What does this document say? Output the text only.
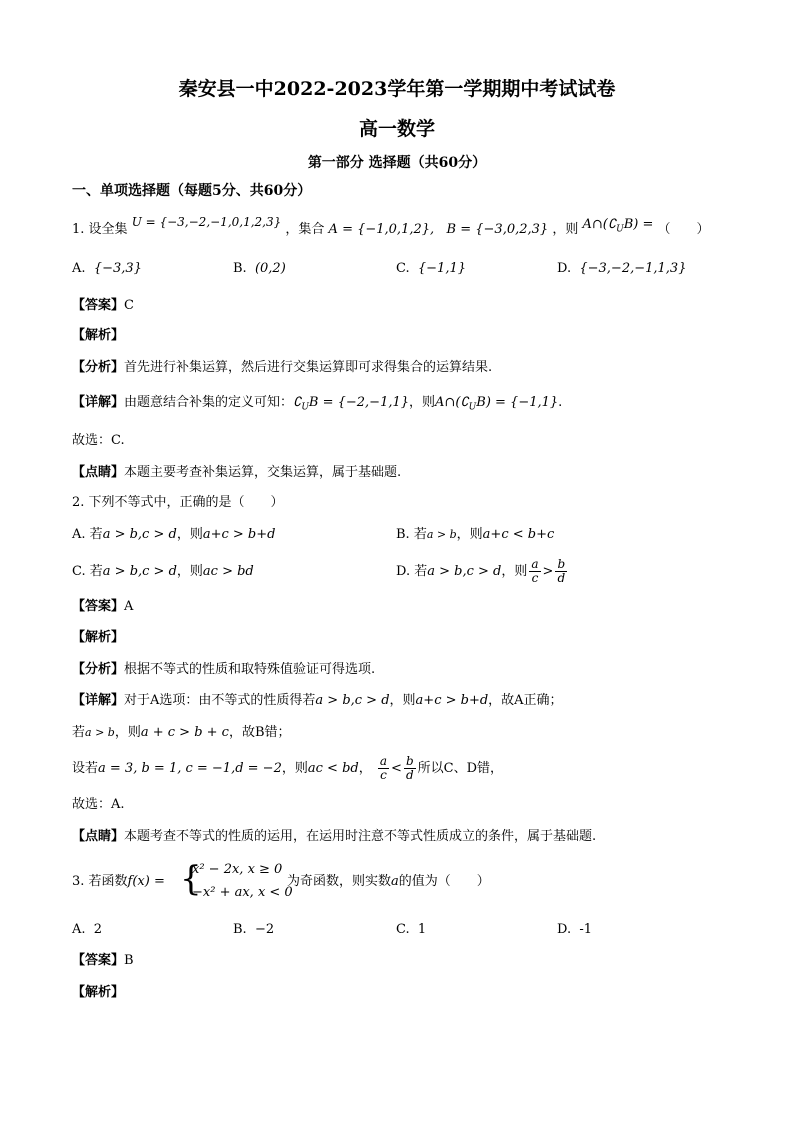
秦安县一中2022-2023学年第一学期期中考试试卷
高一数学
第一部分 选择题（共60分）
一、单项选择题（每题5分、共60分）
1. 设全集 U = {−3,−2,−1,0,1,2,3} ，集合 A = {−1,0,1,2}, B = {−3,0,2,3} ，则 $A\cap(∁_UB)$ = （　　）
A. {−3,3}	B. (0,2)	C. {−1,1}	D. {−3,−2,−1,1,3}
【答案】C
【解析】
【分析】首先进行补集运算，然后进行交集运算即可求得集合的运算结果.
【详解】由题意结合补集的定义可知：$∁_UB = \{-2,-1,1\}$，则$A\cap(∁_UB) = \{-1,1\}$.
故选：C.
【点睛】本题主要考查补集运算，交集运算，属于基础题.
2. 下列不等式中，正确的是（　　）
A. 若a > b,c > d，则a+c > b+d	B. 若a > b，则a+c < b+c
C. 若a > b,c > d，则ac > bd	D. 若a > b,c > d，则 $\frac{a}{c} > \frac{b}{d}$
【答案】A
【解析】
【分析】根据不等式的性质和取特殊值验证可得选项.
【详解】对于A选项：由不等式的性质得若a > b,c > d，则a+c > b+d，故A正确；
若a > b，则a + c > b + c，故B错；
设若a = 3, b = 1, c = −1,d = −2，则ac < bd， $\frac{a}{c} < \frac{b}{d}$ 所以C、D错，
故选：A.
【点睛】本题考查不等式的性质的运用，在运用时注意不等式性质成立的条件，属于基础题.
3. 若函数f(x) = {
x² − 2x, x ≥ 0
−x² + ax, x < 0
为奇函数，则实数a的值为（　　）
A. 2	B. −2	C. 1	D. -1
【答案】B
【解析】
